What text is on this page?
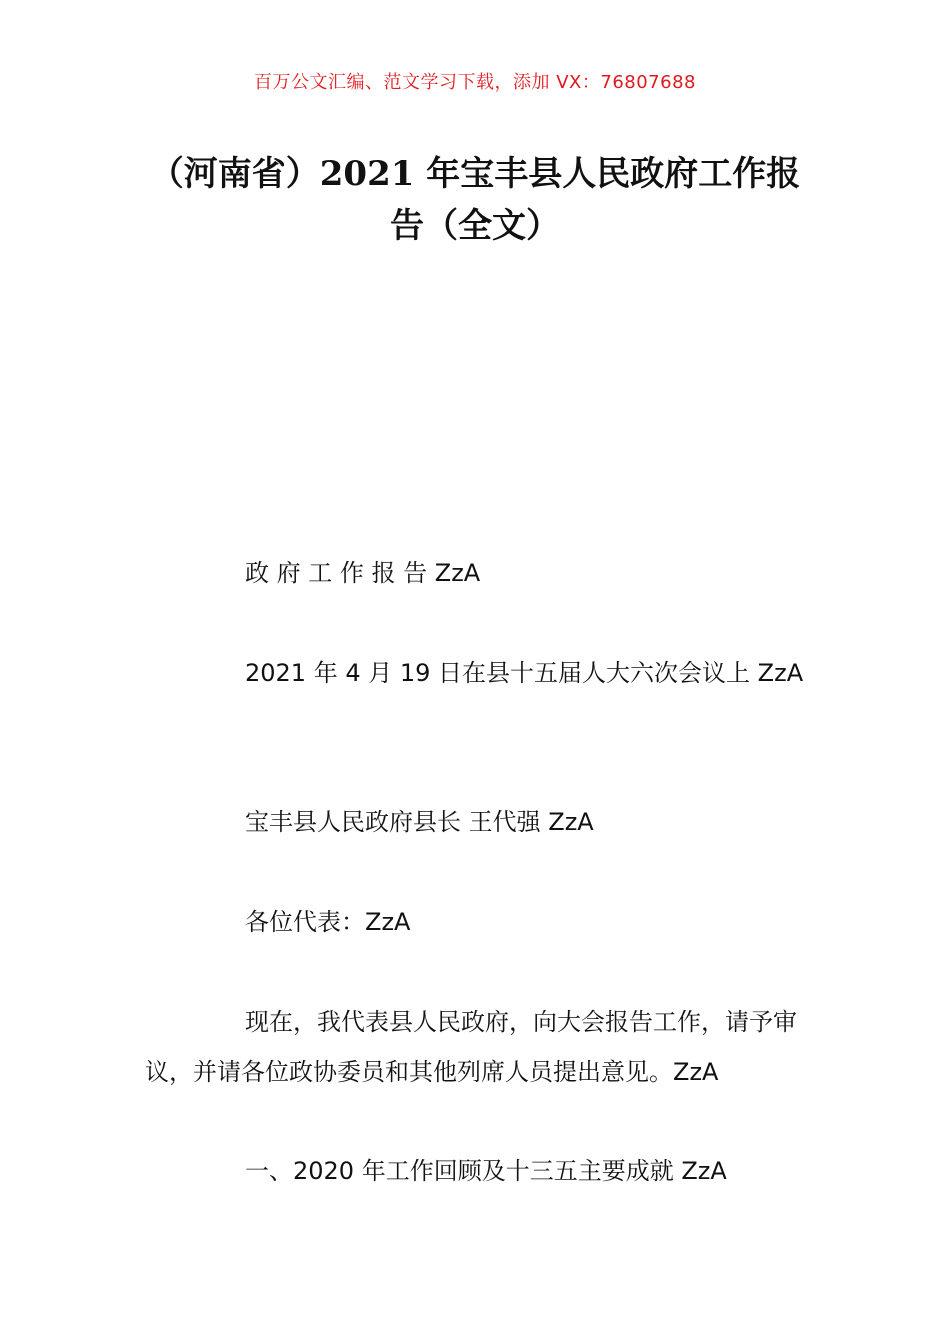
百万公文汇编、范文学习下载，添加 VX：76807688
（河南省）2021 年宝丰县人民政府工作报告（全文）
政 府 工 作 报 告 ZzA
2021 年 4 月 19 日在县十五届人大六次会议上 ZzA
宝丰县人民政府县长 王代强 ZzA
各位代表：ZzA
现在，我代表县人民政府，向大会报告工作，请予审议，并请各位政协委员和其他列席人员提出意见。ZzA
一、2020 年工作回顾及十三五主要成就 ZzA
